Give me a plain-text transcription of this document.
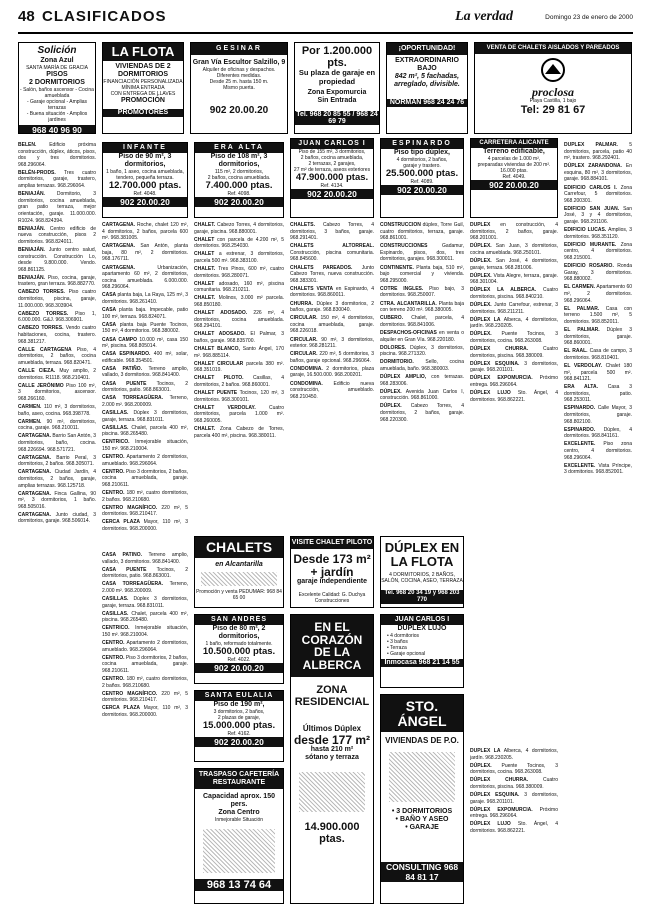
48 CLASIFICADOS	La verdad	Domingo 23 de enero de 2000
Solición
Zona Azul
SANTA MARÍA DE GRACIA
PISOS
2 DORMITORIOS
- Salón, baños ascensor - Cocina amueblada
- Garaje opcional - Amplias terrazas
- Buena situación - Amplios jardines
968 40 96 90
LA FLOTA
VIVIENDAS DE 2 DORMITORIOS
FINANCIACIÓN PERSONALIZADA
MÍNIMA ENTRADA
CON ENTREGA DE LLAVES
PROMOCIÓN
PROMOTORES
GESINAR
Gran Vía Escultor Salzillo, 9
Alquiler de oficinas y despachos.
Diferentes medidas.
Desde 25 m. hasta 150 m.
Mismo puerta.
902 20.00.20
Por 1.200.000 pts.
Su plaza de garaje en propiedad
Zona Expomurcia
Sin Entrada
Tel. 968 20 85 55 / 968 24 69 79
¡OPORTUNIDAD!
EXTRAORDINARIO BAJO
842 m², 5 fachadas,
arreglado, divisible.
NORMAN 968 24 24 76
VENTA DE CHALETS AISLADOS Y PAREADOS
proclosa
Playa Castilla, 1 bajo
Tel: 29 81 67
INFANTE
Piso de 90 m², 3 dormitorios,
1 baño, 1 aseo, cocina amueblada,
tendero, pequeña terraza.
12.700.000 ptas.
Ref. 4048.
902 20.00.20
ERA ALTA
Piso de 108 m², 3 dormitorios,
115 m², 2 dormitorios,
2 baños, cocina amueblada.
7.400.000 ptas.
Ref. 4098.
902 20.00.20
JUAN CARLOS I
Piso de 155 m², 3 dormitorios,
2 baños, cocina amueblada,
2 terrazas, 2 garajes,
27 m² de terraza, aseos exteriores
47.900.000 ptas.
Ref. 4134.
902 20.00.20
ESPINARDO
Piso tipo dúplex,
4 dormitorios, 2 baños,
garaje y trastero.
25.500.000 ptas.
Ref. 4089.
902 20.00.20
CARRETERA ALICANTE
Terreno edificable,
4 parcelas de 1.000 m²,
preparadas viviendas de 200 m².
16.000 ptas.
Ref. 4049.
902 20.00.20

BELÉN. Edificio próxima construcción, dúplex, áticos, pisos, dos y tres dormitorios. 968.296064.

BELÉN-PRODS. Tres cuatro dormitorios, garaje, trastero, amplias terrazas. 968.296064.

BENIAJÁN. Dormitorio, 3 dormitorios, cocina amueblada, gran patio terraza, mejor orientación, garaje. 11.000.000. R1024. 968.824394.

BENIAJÁN. Centro edificio de nueva construcción, pisos 2 dormitorios. 968.824011.

BENIAJÁN. Junto centro salud, construcción. Construcción Lo, desde 9.800.000. Vendo. 968.861125.

BENIAJÁN. Piso, cocina, garaje, trastero, gran terraza. 968.882770.

CABEZO TORRES. Piso cuatro dormitorios, piscina, garaje, 11.000.000. 968.303904.

CABEZO TORRES. Piso 1, 6.000.000. G&J. 968.306901.

CABEZO TORRES. Vendo cuatro habitaciones, cocina, trastero. 968.381217.

CALLE CARTAGENA Piso, 4 dormitorios, 2 baños, cocina amueblada, terraza. 968.820471.

CALLE CIEZA. Muy amplio, 2 dormitorios. R1118. 968.210401.

CALLE JERÓNIMO Piso 100 m², 3 dormitorios, ascensor. 968.266160.

CARMEN. 110 m², 3 dormitorios, baño, aseo, cocina. 968.398778.

CARMEN. 90 m², dormitorios, cocina, garaje. 968.210011.

CARTAGENA. Barrio San Antón, 3 dormitorios, baño, cocina. 968.226694. 968.571721.

CARTAGENA. Barrio Peral, 3 dormitorios, 2 baños. 968.305071.

CARTAGENA. Ciudad Jardín, 4 dormitorios, 2 baños, garaje, amplias terrazas. 968.125718.

CARTAGENA. Finca Gallina, 90 m², 3 dormitorios, 1 baño. 968.505016.

CARTAGENA. Junto ciudad, 3 dormitorios, garaje. 968.506014.

CARTAGENA. Roche, chalet 120 m², 4 dormitorios, 2 baños, parcela 600 m². 968.381005.

CARTAGENA. San Antón, planta baja, 80 m², 2 dormitorios. 968.176711.

CARTAGENA. Urbanización, apartamento 60 m², 2 dormitorios, cocina amueblada. 6.000.000. 968.296064.

CASA planta baja, La Raya, 125 m², 3 dormitorios. 968.261410.

CASA planta baja. Impecable, patio 100 m², terraza. 968.824071.

CASA planta baja Puente Tocinos, 150 m², 4 dormitorios. 968.380002.

CASA CAMPO 10.000 m², casa 150 m², piscina. 968.805014.

CASA ESPINARDO. 400 m², solar, edificable. 968.354501.

CASA PATIÑO. Terreno amplio, vallado, 3 dormitorios. 968.841400.

CASA PUENTE Tocinos, 2 dormitorios, patio. 968.863001.

CASA TORREAGÜERA. Terreno, 2.000 m². 968.200009.

CASILLAS. Dúplex 3 dormitorios, garaje, terraza. 968.831011.

CASILLAS. Chalet, parcela 400 m², piscina. 968.265480.

CENTRICO. Inmejorable situación, 150 m². 968.210004.

CENTRO. Apartamento 2 dormitorios, amueblado. 968.296064.

CENTRO. Piso 3 dormitorios, 2 baños, cocina amueblada, garaje. 968.210611.

CENTRO. 180 m², cuatro dormitorios, 2 baños. 968.210680.

CENTRO MAGNÍFICO. 220 m², 5 dormitorios. 968.210417.

CERCA PLAZA Mayor, 110 m², 3 dormitorios. 968.200000.

CHALET. Cabezo Torres, 4 dormitorios, garaje, piscina. 968.880001.

CHALET con parcela de 4.200 m², 5 dormitorios. 968.254030.

CHALET a estrenar, 3 dormitorios, parcela 500 m². 968.383100.

CHALET. Tres Pinos, 600 m², cuatro dormitorios. 968.280071.

CHALET adosado, 160 m², piscina comunitaria. 968.210211.

CHALET. Molinos, 3.000 m² parcela. 968.850180.

CHALET ADOSADO. 226 m², 4 dormitorios, cocina amueblada. 968.294101.

CHALET ADOSADO. El Palmar, 3 baños, garaje. 968.835700.

CHALET BLANCO, Santo Ángel, 170 m². 968.885114.

CHALET CIRCULAR parcela 380 m². 968.351019.

CHALET PILOTO. Casillas, 4 dormitorios, 2 baños. 968.860001.

CHALET PUENTE Tocinos, 120 m², 3 dormitorios. 968.300101.

CHALET VERDOLAY. Cuatro dormitorios, parcela 1.000 m². 968.260005.

CHALET. Zona Cabezo de Torres, parcela 400 m², piscina. 968.380011.

CHALETS. Cabezo Torres, 4 dormitorios, 3 baños, garaje. 968.291401.

CHALETS ALTORREAL. Construcción, piscina comunitaria. 968.845600.

CHALETS PAREADOS. Junto Cabezo Torres, nueva construcción. 968.383301.

CHALETS VENTA en Espinardo, 4 dormitorios. 968.860011.

CHURRA. Dúplex 3 dormitorios, 2 baños, garaje. 968.830040.

CIRCULAR. 150 m², 4 dormitorios, cocina amueblada, garaje. 968.226018.

CIRCULAR. 90 m², 3 dormitorios, exterior. 968.281211.

CIRCULAR. 220 m², 5 dormitorios, 3 baños, garaje opcional. 968.296064.

CONDOMINA. 2 dormitorios, plaza garaje, 16.500.000. 968.200201.

CONDOMINA. Edificio nueva construcción, amueblado. 968.210450.

CONSTRUCCIÓN dúplex, Torre Guil, cuatro dormitorios, terraza, garaje. 968.861001.

CONSTRUCCIONES Gadamur, Espinardo, pisos, dos, tres dormitorios, garajes. 968.300011.

CONTINENTE. Planta baja, 510 m², bajo comercial y vivienda. 968.295000.

COTRE INGLES. Piso bajo, 3 dormitorios. 968.250007.

CTRA. ALCANTARILLA. Planta baja con terreno 200 m². 968.380005.

CUBERO. Chalet, parcela, 4 dormitorios. 968.841006.

DESPACHOS-OFICINAS en venta o alquiler en Gran Vía. 968.220180.

DOLORES. Dúplex, 3 dormitorios, piscina. 968.271320.

DORMITORIO. Sello, cocina amueblada, baño. 968.380003.

DÚPLEX AMPLIO, con terrazas. 968.283006.

DÚPLEX. Avenida Juan Carlos I, construcción. 968.861000.

DÚPLEX. Cabezo Torres, 4 dormitorios, 2 baños, garaje. 968.220300.

DÚPLEX en construcción, 4 dormitorios, 2 baños, garaje. 968.201001.

DÚPLEX. San Juan, 3 dormitorios, cocina amueblada. 968.250101.

DÚPLEX. San José, 4 dormitorios, garaje, terraza. 968.281006.

DÚPLEX. Vista Alegre, terraza, garaje. 968.301004.

DÚPLEX LA ALBERCA. Cuatro dormitorios, piscina. 968.840210.

DÚPLEX. Junto Carrefour, estrenar, 3 dormitorios. 968.211211.

DÚPLEX LA Alberca, 4 dormitorios, jardín. 968.230205.

DÚPLEX. Puente Tocinos, 3 dormitorios, cocina. 968.263008.

DÚPLEX CHURRA. Cuatro dormitorios, piscina. 968.380009.

DÚPLEX ESQUINA. 3 dormitorios, garaje. 968.201101.

DÚPLEX EXPOMURCIA. Próximo entrega. 968.296064.

DÚPLEX LUJO Sto. Ángel, 4 dormitorios. 968.862221.

DÚPLEX PALMAR. 5 dormitorios, parcela, patio 40 m², trastero. 968.292401.

DÚPLEX ZARANDONA. En esquina, 80 m², 3 dormitorios, garaje. 968.884101.

EDIFICIO CARLOS I. Zona Carrefour, 5 dormitorios. 968.200301.

EDIFICIO SAN JUAN. San José, 3 y 4 dormitorios, garaje. 968.291106.

EDIFICIO LUCAS. Amplios, 3 dormitorios. 968.351120.

EDIFICIO MURANTE. Zona centro, 4 dormitorios. 968.215001.

EDIFICIO ROSARIO. Ronda Garay, 3 dormitorios. 968.880002.

EL CARMEN. Apartamento 60 m², 2 dormitorios. 968.296064.

EL PALMAR. Casa con terreno 1.500 m², 5 dormitorios. 968.852011.

EL PALMAR. Dúplex 3 dormitorios, garaje. 968.860001.

EL RAAL. Casa de campo, 3 dormitorios. 968.810401.

EL VERDOLAY. Chalet 180 m², parcela 500 m². 968.841121.

ERA ALTA. Casa 3 dormitorios, patio. 968.253011.

ESPINARDO. Calle Mayor, 3 dormitorios, garaje. 968.802100.

ESPINARDO. Dúplex, 4 dormitorios. 968.841161.

EXCELENTE. Piso zona centro, 4 dormitorios. 968.296064.

EXCELENTE. Vista Príncipe, 3 dormitorios. 968.852001.

CHALETS
en Alcantarilla
Promoción y venta PEDUMAR: 968 84 65 00
VISITE CHALET PILOTO
Desde 173 m² + jardín
garaje independiente
Excelente Calidad: G. Duchya Construcciones
DÚPLEX EN LA FLOTA
4 DORMITORIOS, 2 BAÑOS,
SALÓN, COCINA, ASEO, TERRAZA
Tel. 968 20 34 19 y 968 203 770
SAN ANDRÉS
Piso de 80 m², 2 dormitorios,
1 baño, reformado totalmente.
10.500.000 ptas.
Ref. 4022.
902 20.00.20
EN EL CORAZÓN DE LA ALBERCA
ZONA RESIDENCIAL
Últimos Dúplex
desde 177 m²
hasta 210 m²
sótano y terraza
14.900.000 ptas.
JUAN CARLOS I
DÚPLEX LUJO
• 4 dormitorios
• 3 baños
• Terraza
• Garaje opcional
Inmocasa 968 21 14 55
STO. ÁNGEL
VIVIENDAS DE P.O.
• 3 DORMITORIOS
• BAÑO Y ASEO
• GARAJE
CONSULTING 968 84 81 17
SANTA EULALIA
Piso de 190 m²,
3 dormitorios, 2 baños,
2 plazas de garaje,
15.000.000 ptas.
Ref. 4162.
902 20.00.20
TRASPASO CAFETERÍA RESTAURANTE
Capacidad aprox. 150 pers.
Zona Centro
Inmejorable Situación
968 13 74 64

CASA PATIÑO. Terreno amplio, vallado, 3 dormitorios. 968.841400.

CASA PUENTE Tocinos, 2 dormitorios, patio. 968.863001.

CASA TORREAGÜERA. Terreno, 2.000 m². 968.200009.

CASILLAS. Dúplex 3 dormitorios, garaje, terraza. 968.831011.

CASILLAS. Chalet, parcela 400 m², piscina. 968.265480.

CENTRICO. Inmejorable situación, 150 m². 968.210004.

CENTRO. Apartamento 2 dormitorios, amueblado. 968.296064.

CENTRO. Piso 3 dormitorios, 2 baños, cocina amueblada, garaje. 968.210611.

CENTRO. 180 m², cuatro dormitorios, 2 baños. 968.210680.

CENTRO MAGNÍFICO. 220 m², 5 dormitorios. 968.210417.

CERCA PLAZA Mayor, 110 m², 3 dormitorios. 968.200000.

DÚPLEX LA Alberca, 4 dormitorios, jardín. 968.230205.

DÚPLEX. Puente Tocinos, 3 dormitorios, cocina. 968.263008.

DÚPLEX CHURRA. Cuatro dormitorios, piscina. 968.380009.

DÚPLEX ESQUINA. 3 dormitorios, garaje. 968.201101.

DÚPLEX EXPOMURCIA. Próximo entrega. 968.296064.

DÚPLEX LUJO Sto. Ángel, 4 dormitorios. 968.862221.
